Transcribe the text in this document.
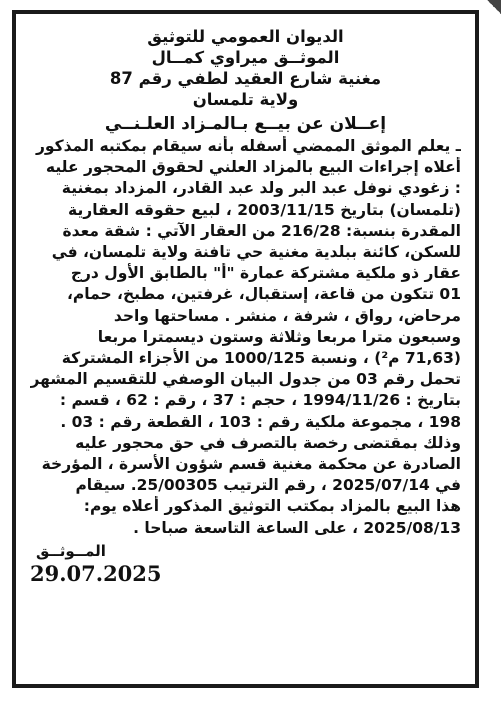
الديوان العمومي للتوثيق
الموثــق ميراوي كمــال
مغنية شارع العقيد لطفي رقم 87
ولاية تلمسان
إعــلان عن بيــع بـالمـزاد العلـنــي
ـ يعلم الموثق الممضي أسفله بأنه سيقام بمكتبه المذكور
أعلاه إجراءات البيع بالمزاد العلني لحقوق المحجور عليه
: زغودي نوفل عبد البر ولد عبد القادر، المزداد بمغنية
(تلمسان) بتاريخ 2003/11/15 ، لبيع حقوقه العقارية
المقدرة بنسبة: 216/28 من العقار الآتي : شقة معدة
للسكن، كائنة ببلدية مغنية حي تافنة ولاية تلمسان، في
عقار ذو ملكية مشتركة عمارة "أ" بالطابق الأول درج
01 تتكون من قاعة، إستقبال، غرفتين، مطبخ، حمام،
مرحاض، رواق ، شرفة ، منشر . مساحتها واحد
وسبعون مترا مربعا وثلاثة وستون ديسمترا مربعا
(71,63 م²) ، ونسبة 1000/125 من الأجزاء المشتركة
تحمل رقم 03 من جدول البيان الوصفي للتقسيم المشهر
بتاريخ : 1994/11/26 ، حجم : 37 ، رقم : 62 ، قسم :
198 ، مجموعة ملكية رقم : 103 ، القطعة رقم : 03 .
وذلك بمقتضى رخصة بالتصرف في حق محجور عليه
الصادرة عن محكمة مغنية قسم شؤون الأسرة ، المؤرخة
في 2025/07/14 ، رقم الترتيب 25/00305. سيقام
هذا البيع بالمزاد بمكتب التوثيق المذكور أعلاه يوم:
2025/08/13 ، على الساعة التاسعة صباحا .
المــوثــق
29.07.2025
